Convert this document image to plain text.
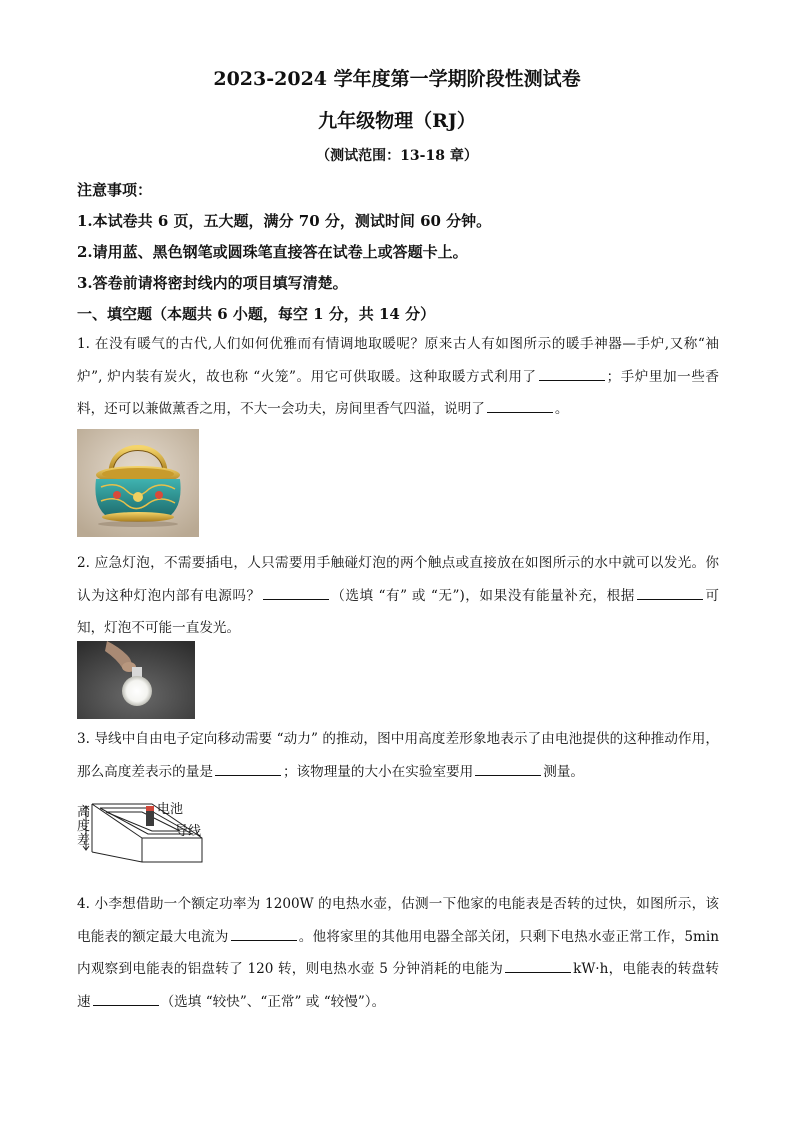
2023-2024 学年度第一学期阶段性测试卷
九年级物理（RJ）
（测试范围：13-18 章）
注意事项：
1.本试卷共 6 页，五大题，满分 70 分，测试时间 60 分钟。
2.请用蓝、黑色钢笔或圆珠笔直接答在试卷上或答题卡上。
3.答卷前请将密封线内的项目填写清楚。
一、填空题（本题共 6 小题，每空 1 分，共 14 分）
1. 在没有暖气的古代,人们如何优雅而有情调地取暖呢？原来古人有如图所示的暖手神器—手炉,又称“袖炉”, 炉内装有炭火，故也称 “火笼”。用它可供取暖。这种取暖方式利用了	；手炉里加一些香料，还可以兼做薰香之用，不大一会功夫，房间里香气四溢，说明了	。
2. 应急灯泡，不需要插电，人只需要用手触碰灯泡的两个触点或直接放在如图所示的水中就可以发光。你认为这种灯泡内部有电源吗？	（选填 “有” 或 “无”)，如果没有能量补充，根据	可知，灯泡不可能一直发光。
3. 导线中自由电子定向移动需要 “动力” 的推动，图中用高度差形象地表示了由电池提供的这种推动作用，那么高度差表示的量是	；该物理量的大小在实验室要用	测量。
高度差
电池
导线
4. 小李想借助一个额定功率为 1200W 的电热水壶，估测一下他家的电能表是否转的过快，如图所示，该电能表的额定最大电流为	。他将家里的其他用电器全部关闭，只剩下电热水壶正常工作，5min 内观察到电能表的铝盘转了 120 转，则电热水壶 5 分钟消耗的电能为	kW·h，电能表的转盘转速	（选填 “较快”、“正常” 或 “较慢”）。
